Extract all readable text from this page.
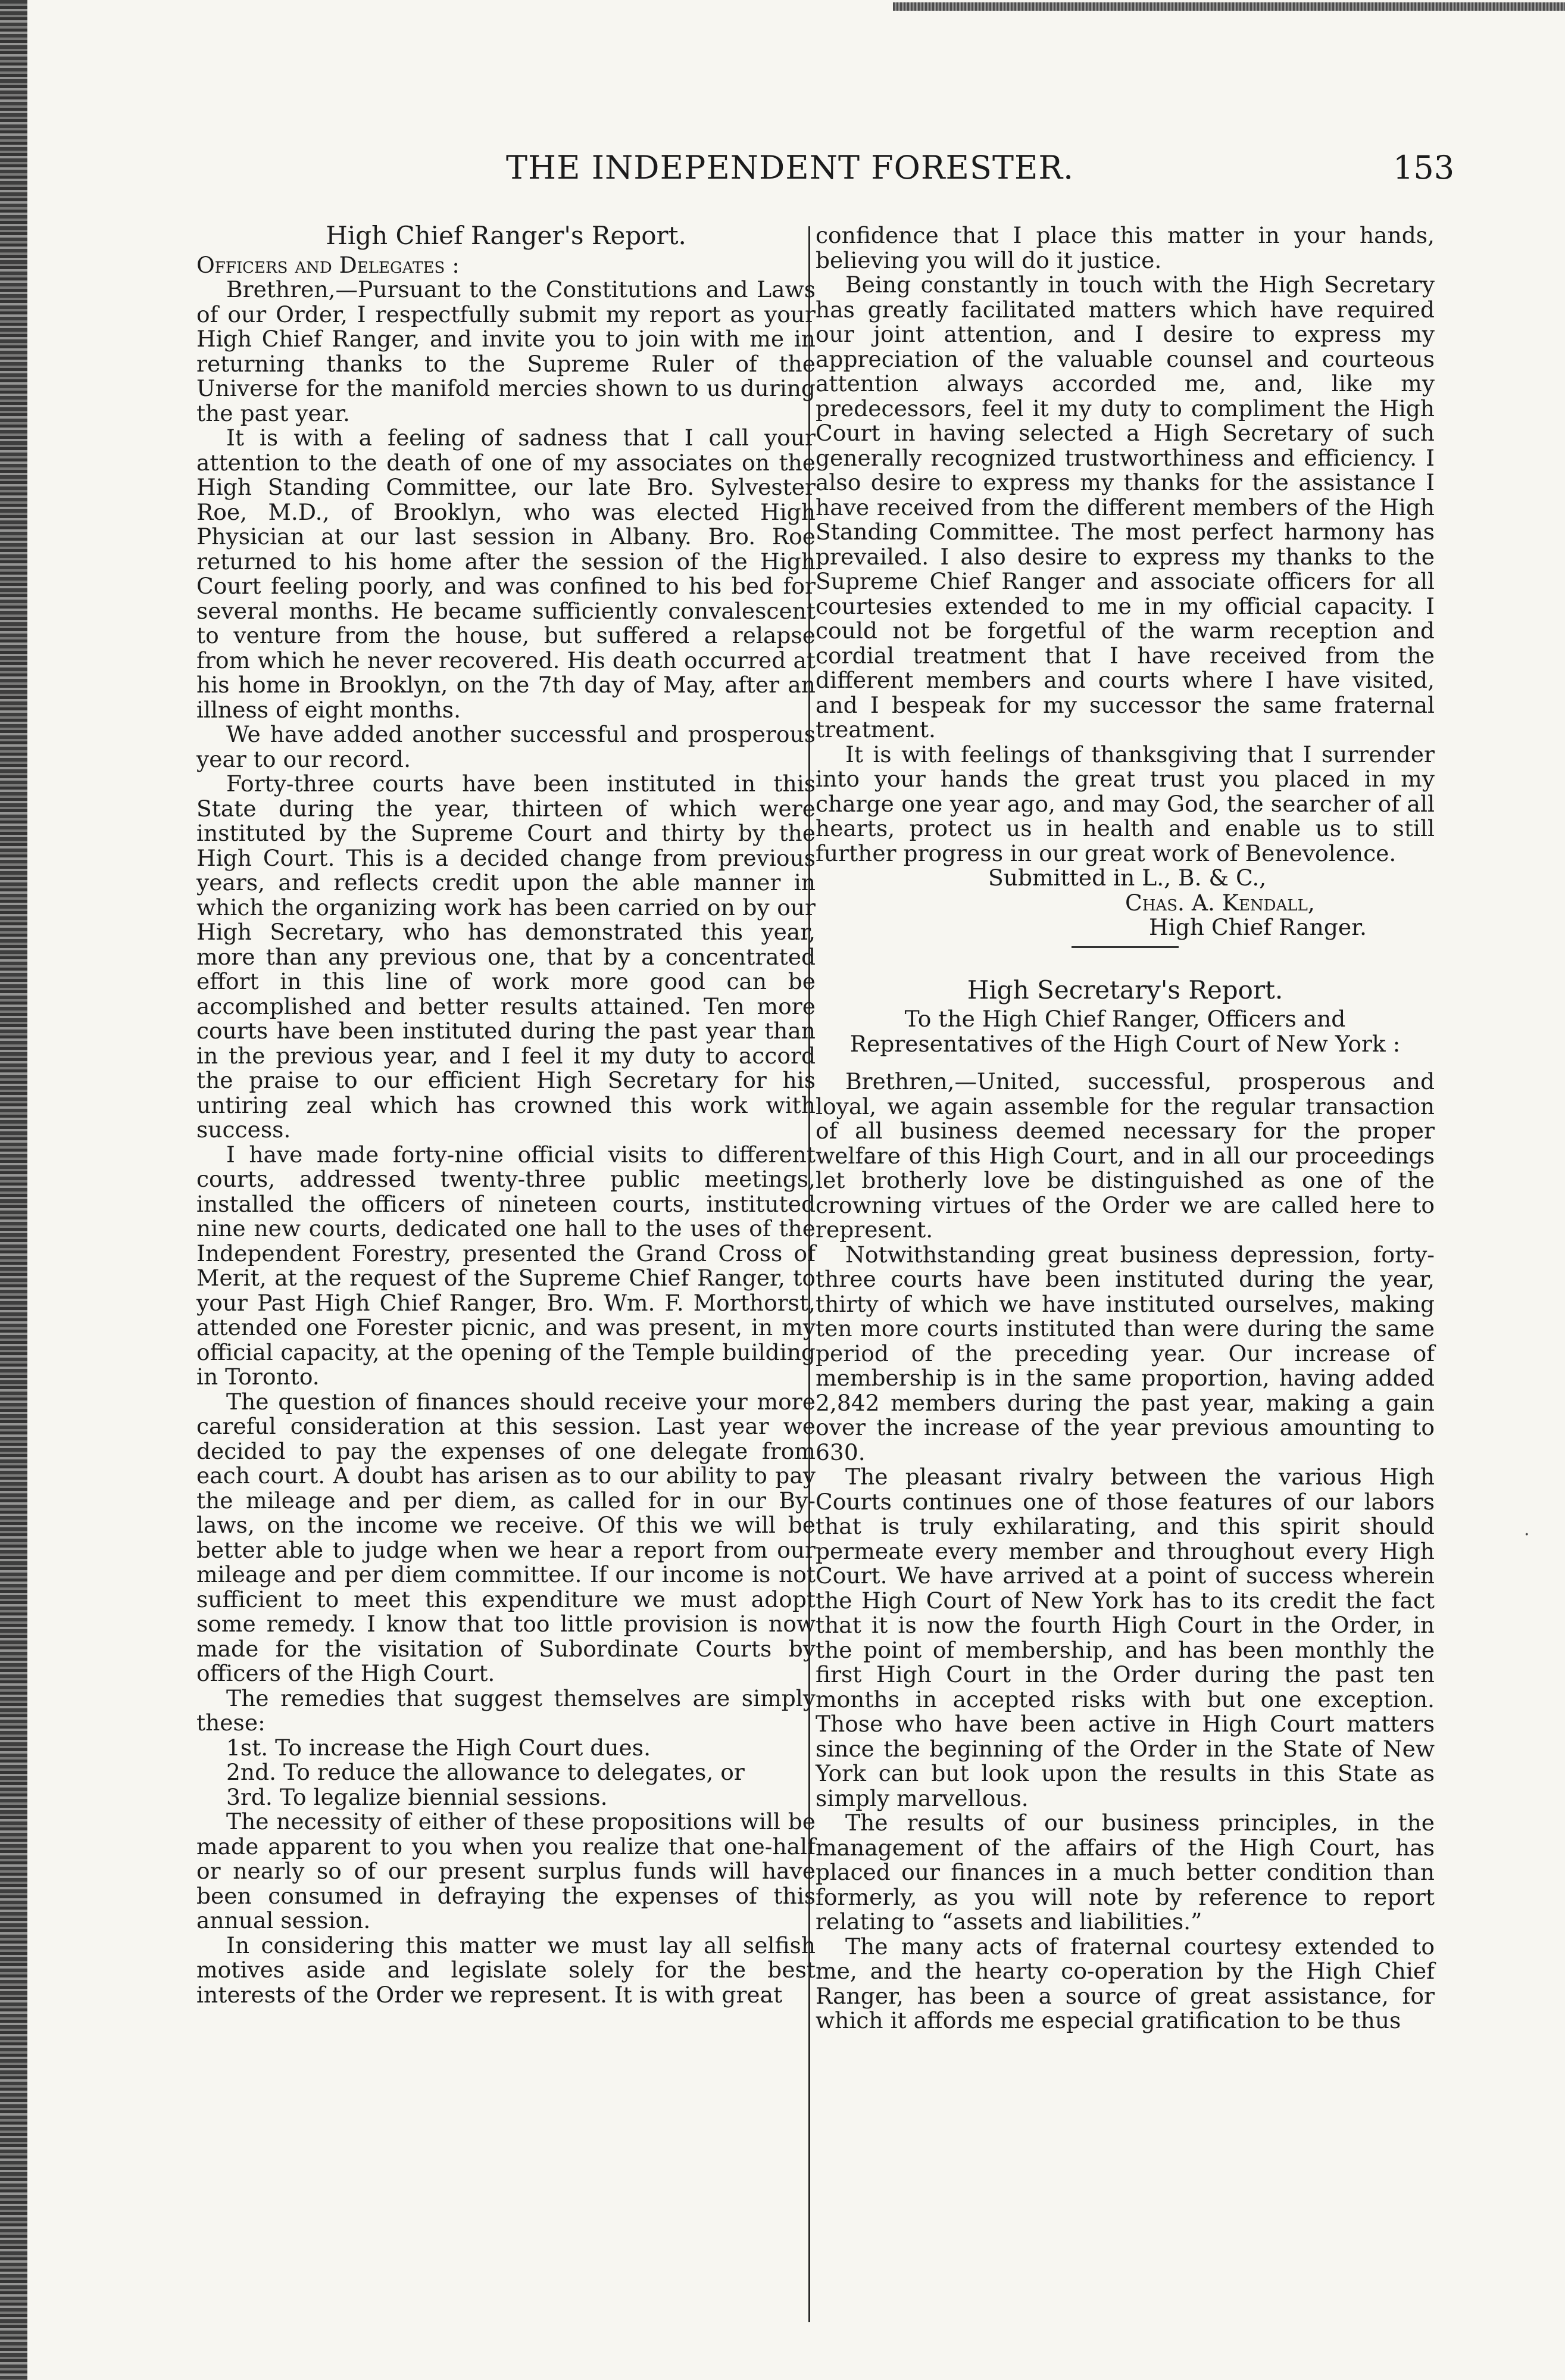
THE INDEPENDENT FORESTER.	153
High Chief Ranger's Report.

Officers and Delegates :

Brethren,—Pursuant to the Constitutions and Laws of our Order, I respectfully submit my report as your High Chief Ranger, and invite you to join with me in returning thanks to the Supreme Ruler of the Universe for the manifold mercies shown to us during the past year.

It is with a feeling of sadness that I call your attention to the death of one of my associates on the High Standing Committee, our late Bro. Sylvester Roe, M.D., of Brooklyn, who was elected High Physician at our last session in Albany. Bro. Roe returned to his home after the session of the High Court feeling poorly, and was confined to his bed for several months. He became sufficiently convalescent to venture from the house, but suffered a relapse from which he never recovered. His death occurred at his home in Brooklyn, on the 7th day of May, after an illness of eight months.

We have added another successful and prosperous year to our record.

Forty-three courts have been instituted in this State during the year, thirteen of which were instituted by the Supreme Court and thirty by the High Court. This is a decided change from previous years, and reflects credit upon the able manner in which the organizing work has been carried on by our High Secretary, who has demonstrated this year, more than any previous one, that by a concentrated effort in this line of work more good can be accomplished and better results attained. Ten more courts have been instituted during the past year than in the previous year, and I feel it my duty to accord the praise to our efficient High Secretary for his untiring zeal which has crowned this work with success.

I have made forty-nine official visits to different courts, addressed twenty-three public meetings, installed the officers of nineteen courts, instituted nine new courts, dedicated one hall to the uses of the Independent Forestry, presented the Grand Cross of Merit, at the request of the Supreme Chief Ranger, to your Past High Chief Ranger, Bro. Wm. F. Morthorst, attended one Forester picnic, and was present, in my official capacity, at the opening of the Temple building in Toronto.

The question of finances should receive your more careful consideration at this session. Last year we decided to pay the expenses of one delegate from each court. A doubt has arisen as to our ability to pay the mileage and per diem, as called for in our By-laws, on the income we receive. Of this we will be better able to judge when we hear a report from our mileage and per diem committee. If our income is not sufficient to meet this expenditure we must adopt some remedy. I know that too little provision is now made for the visitation of Subordinate Courts by officers of the High Court.

The remedies that suggest themselves are simply these:

1st. To increase the High Court dues.

2nd. To reduce the allowance to delegates, or

3rd. To legalize biennial sessions.

The necessity of either of these propositions will be made apparent to you when you realize that one-half or nearly so of our present surplus funds will have been consumed in defraying the expenses of this annual session.

In considering this matter we must lay all selfish motives aside and legislate solely for the best interests of the Order we represent. It is with great

confidence that I place this matter in your hands, believing you will do it justice.

Being constantly in touch with the High Secretary has greatly facilitated matters which have required our joint attention, and I desire to express my appreciation of the valuable counsel and courteous attention always accorded me, and, like my predecessors, feel it my duty to compliment the High Court in having selected a High Secretary of such generally recognized trustworthiness and efficiency. I also desire to express my thanks for the assistance I have received from the different members of the High Standing Committee. The most perfect harmony has prevailed. I also desire to express my thanks to the Supreme Chief Ranger and associate officers for all courtesies extended to me in my official capacity. I could not be forgetful of the warm reception and cordial treatment that I have received from the different members and courts where I have visited, and I bespeak for my successor the same fraternal treatment.

It is with feelings of thanksgiving that I surrender into your hands the great trust you placed in my charge one year ago, and may God, the searcher of all hearts, protect us in health and enable us to still further progress in our great work of Benevolence.

Submitted in L., B. & C.,

Chas. A. Kendall,

High Chief Ranger.

High Secretary's Report.

To the High Chief Ranger, Officers and Representatives of the High Court of New York :

Brethren,—United, successful, prosperous and loyal, we again assemble for the regular transaction of all business deemed necessary for the proper welfare of this High Court, and in all our proceedings let brotherly love be distinguished as one of the crowning virtues of the Order we are called here to represent.

Notwithstanding great business depression, forty-three courts have been instituted during the year, thirty of which we have instituted ourselves, making ten more courts instituted than were during the same period of the preceding year. Our increase of membership is in the same proportion, having added 2,842 members during the past year, making a gain over the increase of the year previous amounting to 630.

The pleasant rivalry between the various High Courts continues one of those features of our labors that is truly exhilarating, and this spirit should permeate every member and throughout every High Court. We have arrived at a point of success wherein the High Court of New York has to its credit the fact that it is now the fourth High Court in the Order, in the point of membership, and has been monthly the first High Court in the Order during the past ten months in accepted risks with but one exception. Those who have been active in High Court matters since the beginning of the Order in the State of New York can but look upon the results in this State as simply marvellous.

The results of our business principles, in the management of the affairs of the High Court, has placed our finances in a much better condition than formerly, as you will note by reference to report relating to “assets and liabilities.”

The many acts of fraternal courtesy extended to me, and the hearty co-operation by the High Chief Ranger, has been a source of great assistance, for which it affords me especial gratification to be thus

·
